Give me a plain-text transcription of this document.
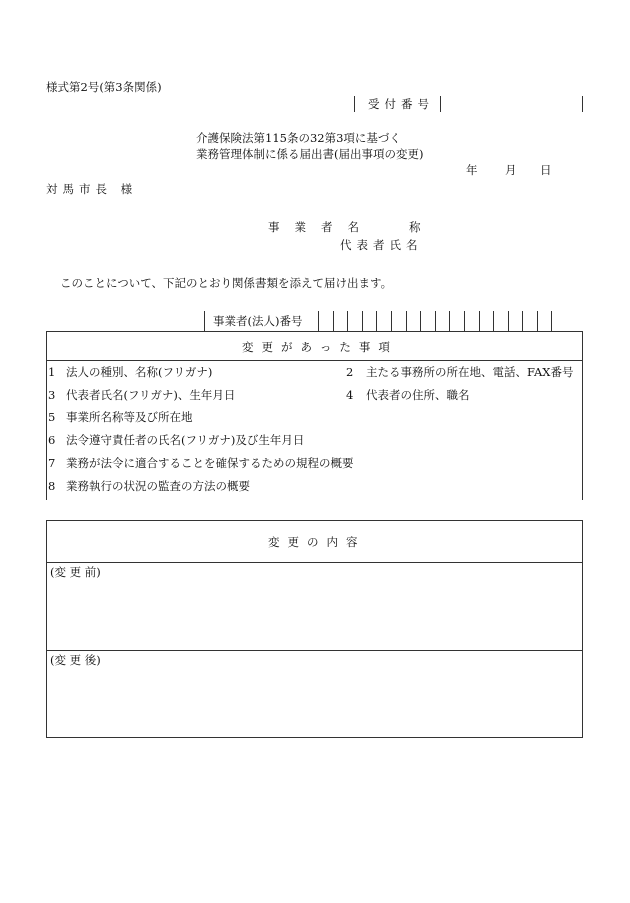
様式第2号(第3条関係)
受付番号
介護保険法第115条の32第3項に基づく
業務管理体制に係る届出書(届出事項の変更)
年 月 日
対馬市長 様
事業者名	称
代表者氏名
このことについて、下記のとおり関係書類を添えて届け出ます。
事業者(法人)番号
変更があった事項
1 法人の種別、名称(フリガナ)	2 主たる事務所の所在地、電話、FAX番号
3 代表者氏名(フリガナ)、生年月日	4 代表者の住所、職名
5 事業所名称等及び所在地
6 法令遵守責任者の氏名(フリガナ)及び生年月日
7 業務が法令に適合することを確保するための規程の概要
8 業務執行の状況の監査の方法の概要
変更の内容
(変 更 前)
(変 更 後)
